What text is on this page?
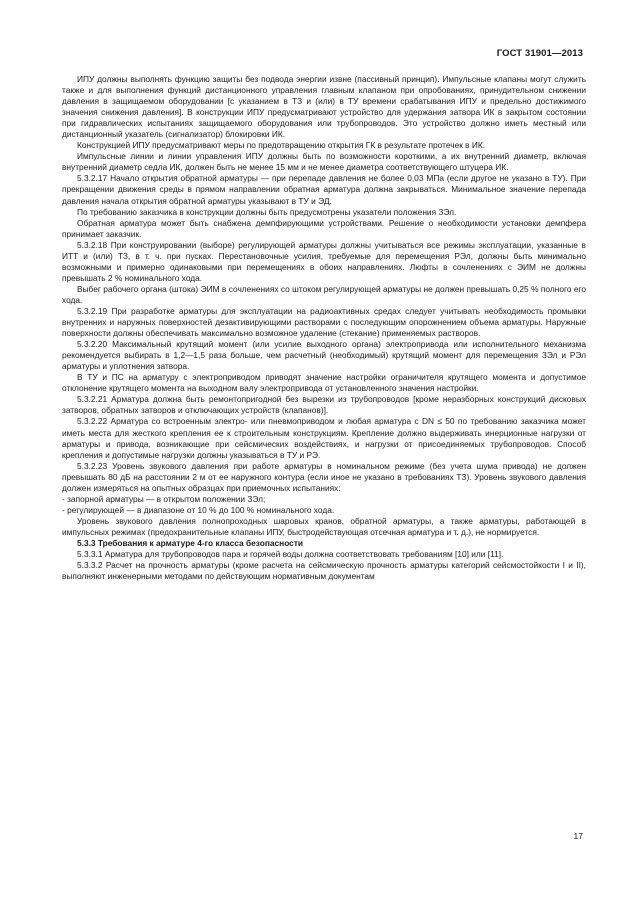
ГОСТ 31901—2013

ИПУ должны выполнять функцию защиты без подвода энергии извне (пассивный принцип). Импульсные клапаны могут служить также и для выполнения функций дистанционного управления главным клапаном при опробованиях, принудительном снижении давления в защищаемом оборудовании [с указанием в ТЗ и (или) в ТУ времени срабатывания ИПУ и предельно достижимого значения снижения давления]. В конструкции ИПУ предусматривают устройство для удержания затвора ИК в закрытом состоянии при гидравлических испытаниях защищаемого оборудования или трубопроводов. Это устройство должно иметь местный или дистанционный указатель (сигнализатор) блокировки ИК.

Конструкцией ИПУ предусматривают меры по предотвращению открытия ГК в результате протечек в ИК.

Импульсные линии и линии управления ИПУ должны быть по возможности короткими, а их внутренний диаметр, включая внутренний диаметр седла ИК, должен быть не менее 15 мм и не менее диаметра соответствующего штуцера ИК.

5.3.2.17 Начало открытия обратной арматуры — при перепаде давления не более 0,03 МПа (если другое не указано в ТУ). При прекращении движения среды в прямом направлении обратная арматура должна закрываться. Минимальное значение перепада давления начала открытия обратной арматуры указывают в ТУ и ЭД.

По требованию заказчика в конструкции должны быть предусмотрены указатели положения ЗЭл.

Обратная арматура может быть снабжена демпфирующими устройствами. Решение о необходимости установки демпфера принимает заказчик.

5.3.2.18 При конструировании (выборе) регулирующей арматуры должны учитываться все режимы эксплуатации, указанные в ИТТ и (или) ТЗ, в т. ч. при пусках. Перестановочные усилия, требуемые для перемещения РЭл, должны быть минимально возможными и примерно одинаковыми при перемещениях в обоих направлениях. Люфты в сочленениях с ЭИМ не должны превышать 2 % номинального хода.

Выбег рабочего органа (штока) ЭИМ в сочленениях со штоком регулирующей арматуры не должен превышать 0,25 % полного его хода.

5.3.2.19 При разработке арматуры для эксплуатации на радиоактивных средах следует учитывать необходимость промывки внутренних и наружных поверхностей дезактивирующими растворами с последующим опорожнением объема арматуры. Наружные поверхности должны обеспечивать максимально возможное удаление (стекание) применяемых растворов.

5.3.2.20 Максимальный крутящий момент (или усилие выходного органа) электропривода или исполнительного механизма рекомендуется выбирать в 1,2—1,5 раза больше, чем расчетный (необходимый) крутящий момент для перемещения ЗЭл и РЭл арматуры и уплотнения затвора.

В ТУ и ПС на арматуру с электроприводом приводят значение настройки ограничителя крутящего момента и допустимое отклонение крутящего момента на выходном валу электропривода от установленного значения настройки.

5.3.2.21 Арматура должна быть ремонтопригодной без вырезки из трубопроводов [кроме неразборных конструкций дисковых затворов, обратных затворов и отключающих устройств (клапанов)].

5.3.2.22 Арматура со встроенным электро- или пневмоприводом и любая арматура с DN ≤ 50 по требованию заказчика может иметь места для жесткого крепления ее к строительным конструкциям. Крепление должно выдерживать инерционные нагрузки от арматуры и привода, возникающие при сейсмических воздействиях, и нагрузки от присоединяемых трубопроводов. Способ крепления и допустимые нагрузки должны указываться в ТУ и РЭ.

5.3.2.23 Уровень звукового давления при работе арматуры в номинальном режиме (без учета шума привода) не должен превышать 80 дБ на расстоянии 2 м от ее наружного контура (если иное не указано в требованиях ТЗ). Уровень звукового давления должен измеряться на опытных образцах при приемочных испытаниях:

- запорной арматуры — в открытом положении ЗЭл;

- регулирующей — в диапазоне от 10 % до 100 % номинального хода.

Уровень звукового давления полнопроходных шаровых кранов, обратной арматуры, а также арматуры, работающей в импульсных режимах (предохранительные клапаны ИПУ, быстродействующая отсечная арматура и т. д.), не нормируется.

5.3.3 Требования к арматуре 4-го класса безопасности

5.3.3.1 Арматура для трубопроводов пара и горячей воды должна соответствовать требованиям [10] или [11].

5.3.3.2 Расчет на прочность арматуры (кроме расчета на сейсмическую прочность арматуры категорий сейсмостойкости I и II), выполняют инженерными методами по действующим нормативным документам

17
